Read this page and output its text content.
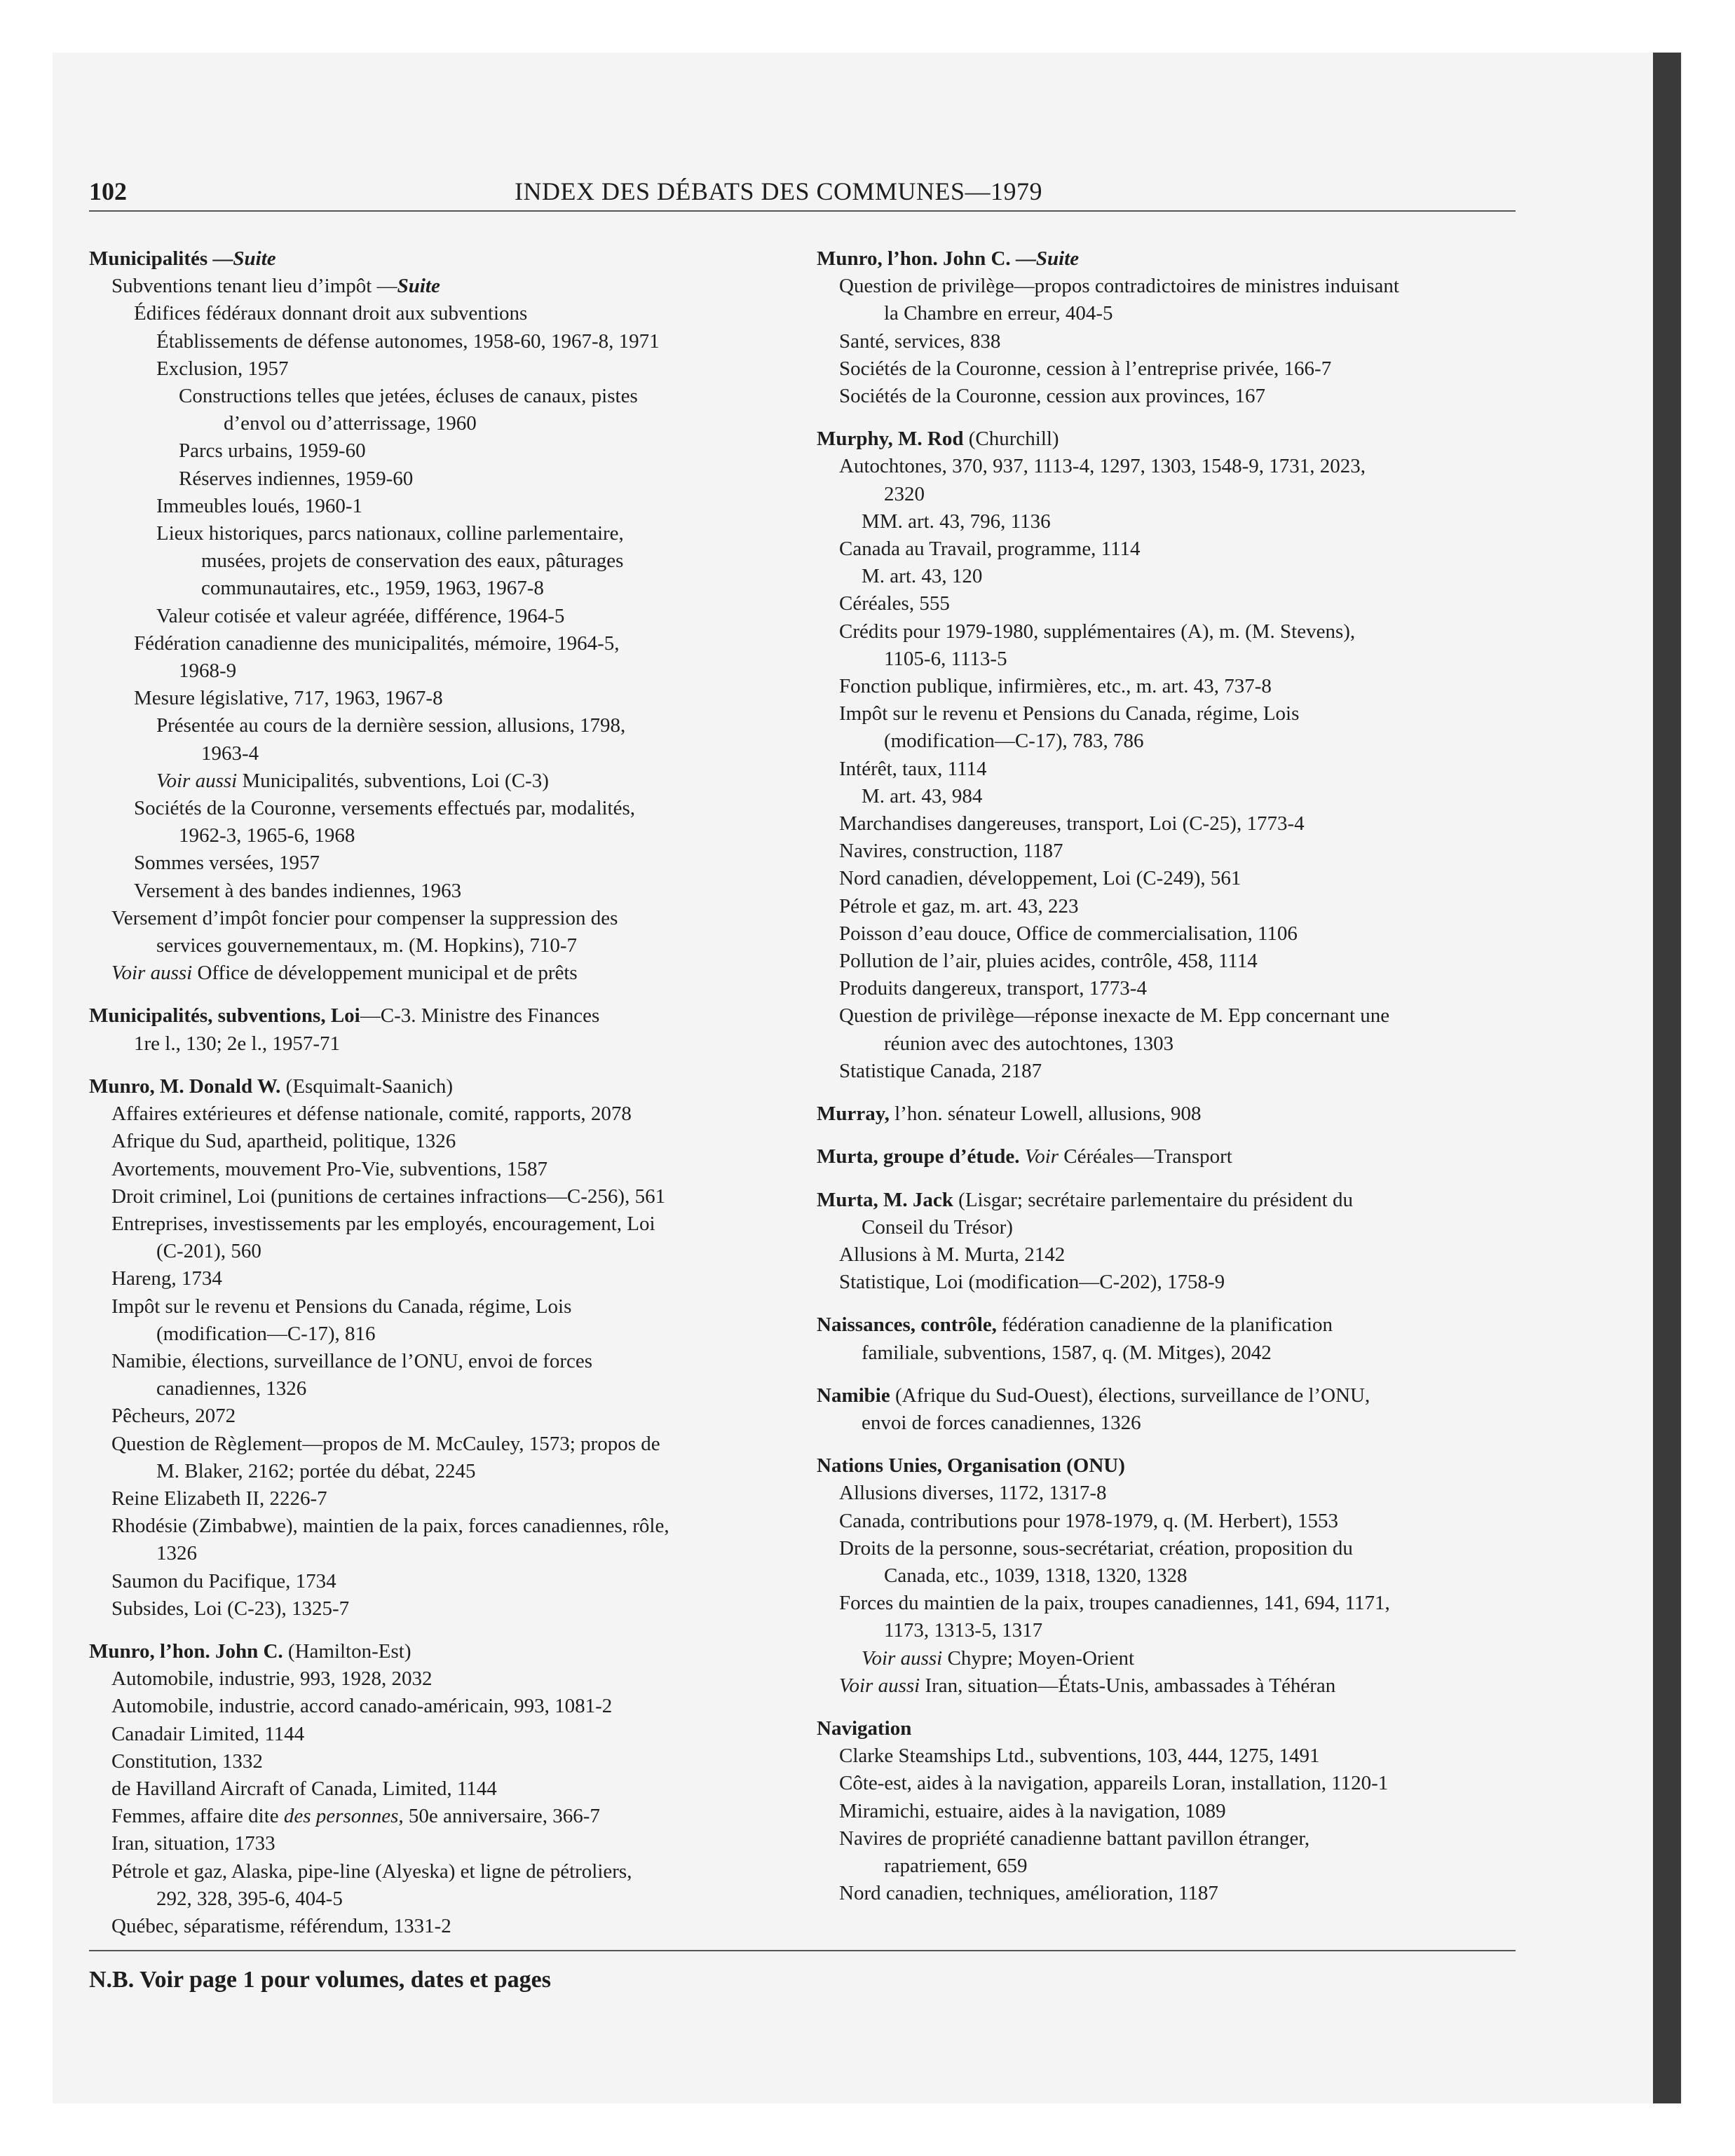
102	INDEX DES DÉBATS DES COMMUNES—1979
Municipalités —Suite
Subventions tenant lieu d’impôt —Suite
Édifices fédéraux donnant droit aux subventions
Établissements de défense autonomes, 1958-60, 1967-8, 1971
Exclusion, 1957
Constructions telles que jetées, écluses de canaux, pistes
d’envol ou d’atterrissage, 1960
Parcs urbains, 1959-60
Réserves indiennes, 1959-60
Immeubles loués, 1960-1
Lieux historiques, parcs nationaux, colline parlementaire,
musées, projets de conservation des eaux, pâturages
communautaires, etc., 1959, 1963, 1967-8
Valeur cotisée et valeur agréée, différence, 1964-5
Fédération canadienne des municipalités, mémoire, 1964-5,
1968-9
Mesure législative, 717, 1963, 1967-8
Présentée au cours de la dernière session, allusions, 1798,
1963-4
Voir aussi Municipalités, subventions, Loi (C-3)
Sociétés de la Couronne, versements effectués par, modalités,
1962-3, 1965-6, 1968
Sommes versées, 1957
Versement à des bandes indiennes, 1963
Versement d’impôt foncier pour compenser la suppression des
services gouvernementaux, m. (M. Hopkins), 710-7
Voir aussi Office de développement municipal et de prêts
Municipalités, subventions, Loi—C-3. Ministre des Finances
1re l., 130; 2e l., 1957-71
Munro, M. Donald W. (Esquimalt-Saanich)
Affaires extérieures et défense nationale, comité, rapports, 2078
Afrique du Sud, apartheid, politique, 1326
Avortements, mouvement Pro-Vie, subventions, 1587
Droit criminel, Loi (punitions de certaines infractions—C-256), 561
Entreprises, investissements par les employés, encouragement, Loi
(C-201), 560
Hareng, 1734
Impôt sur le revenu et Pensions du Canada, régime, Lois
(modification—C-17), 816
Namibie, élections, surveillance de l’ONU, envoi de forces
canadiennes, 1326
Pêcheurs, 2072
Question de Règlement—propos de M. McCauley, 1573; propos de
M. Blaker, 2162; portée du débat, 2245
Reine Elizabeth II, 2226-7
Rhodésie (Zimbabwe), maintien de la paix, forces canadiennes, rôle,
1326
Saumon du Pacifique, 1734
Subsides, Loi (C-23), 1325-7
Munro, l’hon. John C. (Hamilton-Est)
Automobile, industrie, 993, 1928, 2032
Automobile, industrie, accord canado-américain, 993, 1081-2
Canadair Limited, 1144
Constitution, 1332
de Havilland Aircraft of Canada, Limited, 1144
Femmes, affaire dite des personnes, 50e anniversaire, 366-7
Iran, situation, 1733
Pétrole et gaz, Alaska, pipe-line (Alyeska) et ligne de pétroliers,
292, 328, 395-6, 404-5
Québec, séparatisme, référendum, 1331-2
Munro, l’hon. John C. —Suite
Question de privilège—propos contradictoires de ministres induisant
la Chambre en erreur, 404-5
Santé, services, 838
Sociétés de la Couronne, cession à l’entreprise privée, 166-7
Sociétés de la Couronne, cession aux provinces, 167
Murphy, M. Rod (Churchill)
Autochtones, 370, 937, 1113-4, 1297, 1303, 1548-9, 1731, 2023,
2320
MM. art. 43, 796, 1136
Canada au Travail, programme, 1114
M. art. 43, 120
Céréales, 555
Crédits pour 1979-1980, supplémentaires (A), m. (M. Stevens),
1105-6, 1113-5
Fonction publique, infirmières, etc., m. art. 43, 737-8
Impôt sur le revenu et Pensions du Canada, régime, Lois
(modification—C-17), 783, 786
Intérêt, taux, 1114
M. art. 43, 984
Marchandises dangereuses, transport, Loi (C-25), 1773-4
Navires, construction, 1187
Nord canadien, développement, Loi (C-249), 561
Pétrole et gaz, m. art. 43, 223
Poisson d’eau douce, Office de commercialisation, 1106
Pollution de l’air, pluies acides, contrôle, 458, 1114
Produits dangereux, transport, 1773-4
Question de privilège—réponse inexacte de M. Epp concernant une
réunion avec des autochtones, 1303
Statistique Canada, 2187
Murray, l’hon. sénateur Lowell, allusions, 908
Murta, groupe d’étude. Voir Céréales—Transport
Murta, M. Jack (Lisgar; secrétaire parlementaire du président du
Conseil du Trésor)
Allusions à M. Murta, 2142
Statistique, Loi (modification—C-202), 1758-9
Naissances, contrôle, fédération canadienne de la planification
familiale, subventions, 1587, q. (M. Mitges), 2042
Namibie (Afrique du Sud-Ouest), élections, surveillance de l’ONU,
envoi de forces canadiennes, 1326
Nations Unies, Organisation (ONU)
Allusions diverses, 1172, 1317-8
Canada, contributions pour 1978-1979, q. (M. Herbert), 1553
Droits de la personne, sous-secrétariat, création, proposition du
Canada, etc., 1039, 1318, 1320, 1328
Forces du maintien de la paix, troupes canadiennes, 141, 694, 1171,
1173, 1313-5, 1317
Voir aussi Chypre; Moyen-Orient
Voir aussi Iran, situation—États-Unis, ambassades à Téhéran
Navigation
Clarke Steamships Ltd., subventions, 103, 444, 1275, 1491
Côte-est, aides à la navigation, appareils Loran, installation, 1120-1
Miramichi, estuaire, aides à la navigation, 1089
Navires de propriété canadienne battant pavillon étranger,
rapatriement, 659
Nord canadien, techniques, amélioration, 1187
N.B. Voir page 1 pour volumes, dates et pages
